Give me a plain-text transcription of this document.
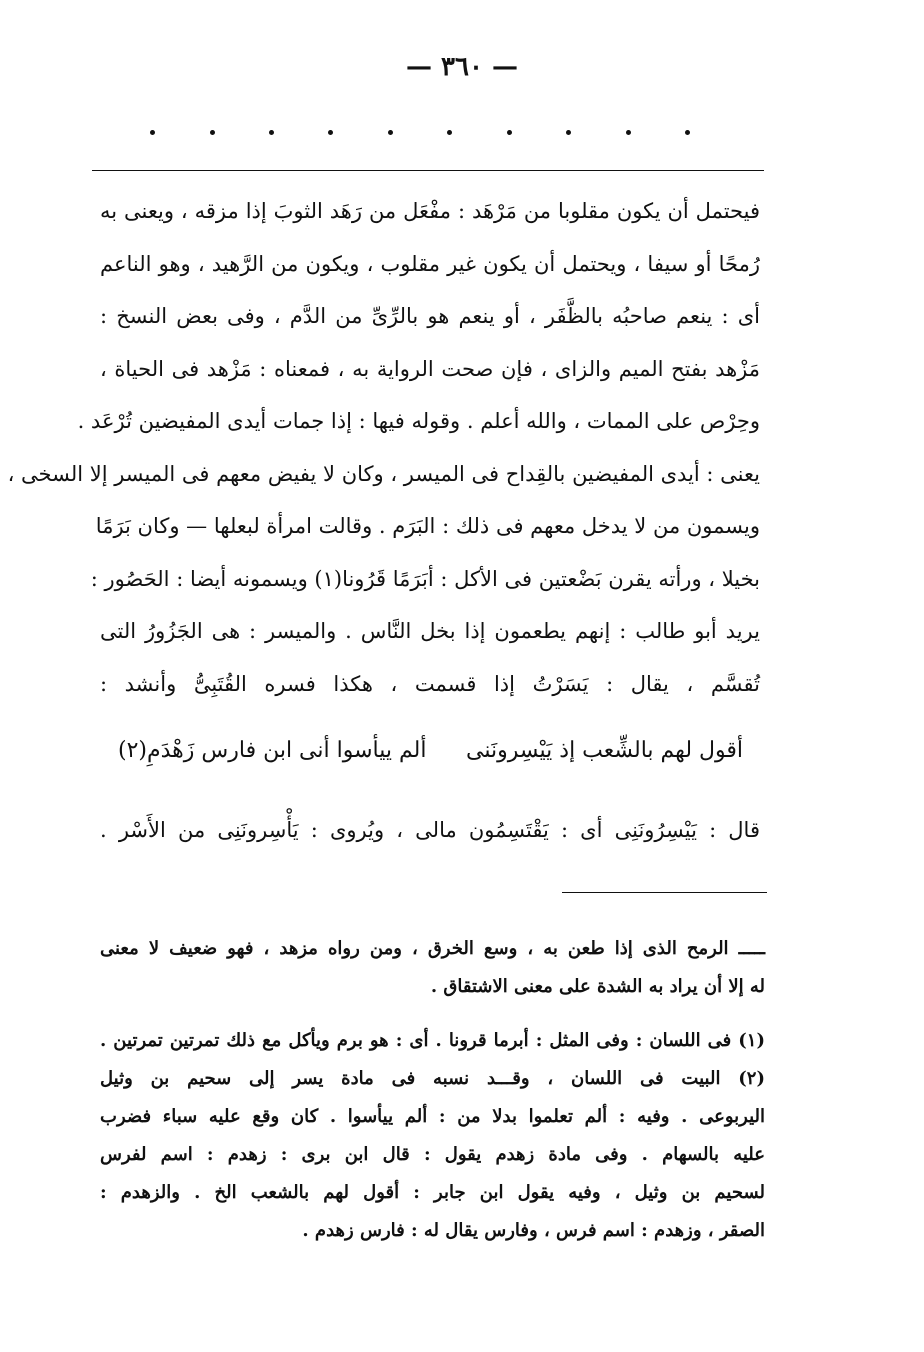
— ٣٦٠ —
فيحتمل أن يكون مقلوبا من مَرْهَد : مفْعَل من رَهَد الثوبَ إذا مزقه ، ويعنى به
رُمحًا أو سيفا ، ويحتمل أن يكون غير مقلوب ، ويكون من الرَّهيد ، وهو الناعم
أى : ينعم صاحبُه بالظَّفَر ، أو ينعم هو بالرِّىِّ من الدَّم ، وفى بعض النسخ :
مَزْهد بفتح الميم والزاى ، فإن صحت الرواية به ، فمعناه : مَزْهد فى الحياة ،
وحِرْص على الممات ، والله أعلم . وقوله فيها : إذا جمات أيدى المفيضين تُرْعَد .
يعنى : أيدى المفيضين بالقِداح فى الميسر ، وكان لا يفيض معهم فى الميسر إلا السخى ،
ويسمون من لا يدخل معهم فى ذلك : البَرَم . وقالت امرأة لبعلها — وكان بَرَمًا
بخيلا ، ورأته يقرن بَضْعتين فى الأكل : أبَرَمًا قَرُونا(١) ويسمونه أيضا : الحَصُور :
يريد أبو طالب : إنهم يطعمون إذا بخل النَّاس . والميسر : هى الجَزُورُ التى
تُقسَّم ، يقال : يَسَرْتُ إذا قسمت ، هكذا فسره القُتَبِىُّ وأنشد :
أقول لهم بالشِّعب إذ يَيْسِرونَنى
ألم ييأسوا أنى ابن فارس زَهْدَمِ(٢)
قال : يَيْسِرُونَنِى أى : يَقْتَسِمُون مالى ، ويُروى : يَأْسِرونَنِى من الأَسْر .
ـــــ الرمح الذى إذا طعن به ، وسع الخرق ، ومن رواه مزهد ، فهو ضعيف لا معنى
له إلا أن يراد به الشدة على معنى الاشتقاق .
(١) فى اللسان : وفى المثل : أبرما قرونا . أى : هو برم ويأكل مع ذلك تمرتين تمرتين .
(٢) البيت فى اللسان ، وقـــد نسبه فى مادة يسر إلى سحيم بن وثيل
اليربوعى . وفيه : ألم تعلموا بدلا من : ألم ييأسوا . كان وقع عليه سباء فضرب
عليه بالسهام . وفى مادة زهدم يقول : قال ابن برى : زهدم : اسم لفرس
لسحيم بن وثيل ، وفيه يقول ابن جابر : أقول لهم بالشعب الخ . والزهدم :
الصقر ، وزهدم : اسم فرس ، وفارس يقال له : فارس زهدم .
